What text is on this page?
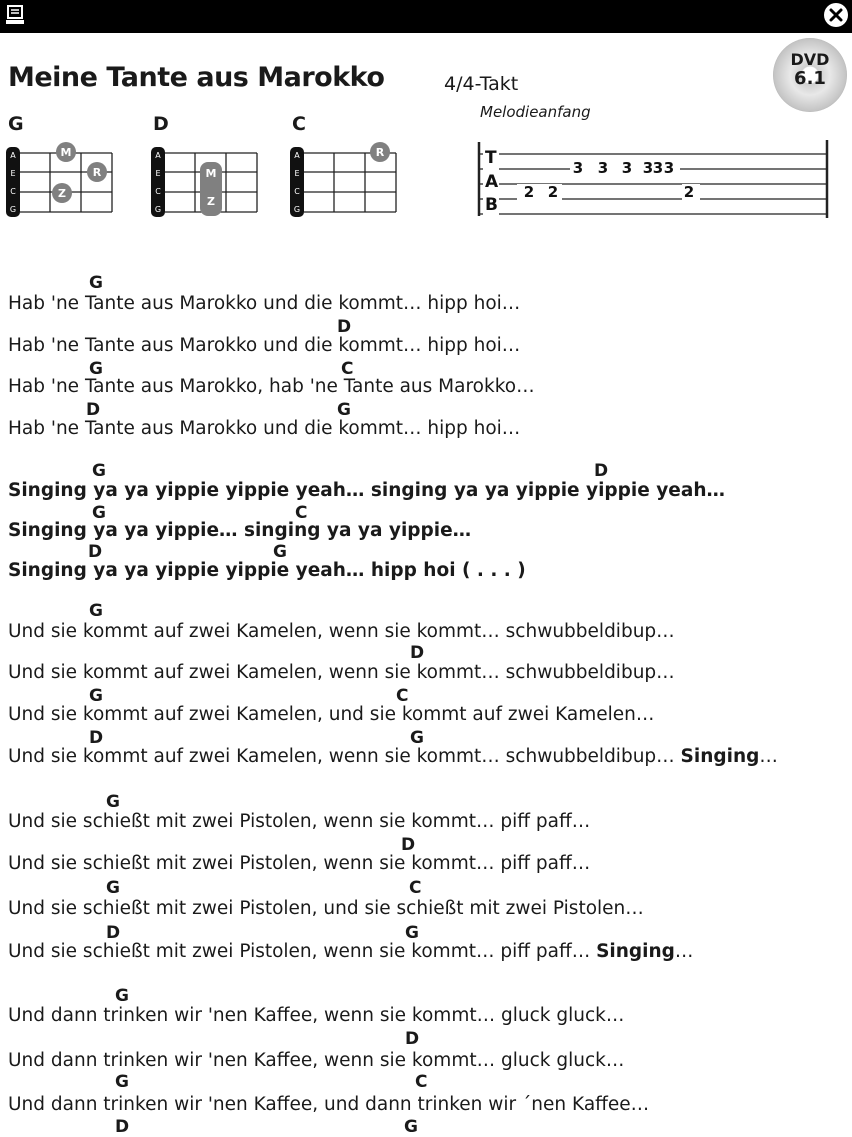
Meine Tante aus Marokko	4/4-Takt
DVD
6.1
G	D	C
A
E
C
G
M
R
Z
A
E
C
G
M
Z
A
E
C
G
R
Melodieanfang
T
A
B
3 3 3 3 3 3
2 2	2
G
Hab 'ne Tante aus Marokko und die kommt… hipp hoi…
D
Hab 'ne Tante aus Marokko und die kommt… hipp hoi…
G	C
Hab 'ne Tante aus Marokko, hab 'ne Tante aus Marokko…
D	G
Hab 'ne Tante aus Marokko und die kommt… hipp hoi…
G	D
Singing ya ya yippie yippie yeah… singing ya ya yippie yippie yeah…
G	C
Singing ya ya yippie… singing ya ya yippie…
D	G
Singing ya ya yippie yippie yeah… hipp hoi ( . . . )
G
Und sie kommt auf zwei Kamelen, wenn sie kommt… schwubbeldibup…
D
Und sie kommt auf zwei Kamelen, wenn sie kommt… schwubbeldibup…
G	C
Und sie kommt auf zwei Kamelen, und sie kommt auf zwei Kamelen…
D	G
Und sie kommt auf zwei Kamelen, wenn sie kommt… schwubbeldibup… Singing…
G
Und sie schießt mit zwei Pistolen, wenn sie kommt… piff paff…
D
Und sie schießt mit zwei Pistolen, wenn sie kommt… piff paff…
G	C
Und sie schießt mit zwei Pistolen, und sie schießt mit zwei Pistolen…
D	G
Und sie schießt mit zwei Pistolen, wenn sie kommt… piff paff… Singing…
G
Und dann trinken wir 'nen Kaffee, wenn sie kommt… gluck gluck…
D
Und dann trinken wir 'nen Kaffee, wenn sie kommt… gluck gluck…
G	C
Und dann trinken wir 'nen Kaffee, und dann trinken wir ´nen Kaffee…
D	G
